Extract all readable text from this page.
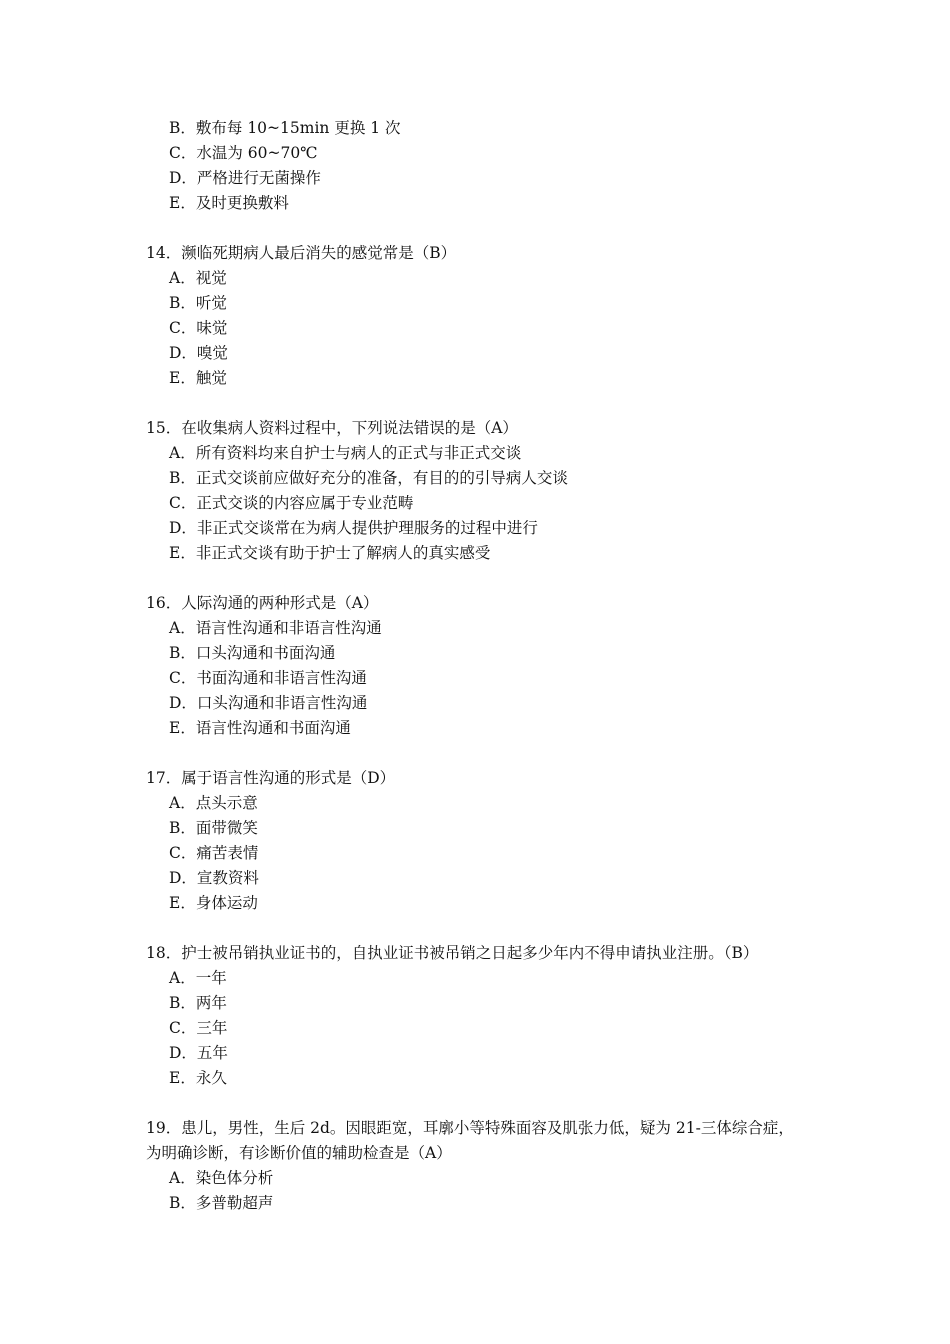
B．敷布每 10~15min 更换 1 次
C．水温为 60~70℃
D．严格进行无菌操作
E．及时更换敷料
14．濒临死期病人最后消失的感觉常是（B）
A．视觉
B．听觉
C．味觉
D．嗅觉
E．触觉
15．在收集病人资料过程中，下列说法错误的是（A）
A．所有资料均来自护士与病人的正式与非正式交谈
B．正式交谈前应做好充分的准备，有目的的引导病人交谈
C．正式交谈的内容应属于专业范畴
D．非正式交谈常在为病人提供护理服务的过程中进行
E．非正式交谈有助于护士了解病人的真实感受
16．人际沟通的两种形式是（A）
A．语言性沟通和非语言性沟通
B．口头沟通和书面沟通
C．书面沟通和非语言性沟通
D．口头沟通和非语言性沟通
E．语言性沟通和书面沟通
17．属于语言性沟通的形式是（D）
A．点头示意
B．面带微笑
C．痛苦表情
D．宣教资料
E．身体运动
18．护士被吊销执业证书的，自执业证书被吊销之日起多少年内不得申请执业注册。（B）
A．一年
B．两年
C．三年
D．五年
E．永久
19．患儿，男性，生后 2d。因眼距宽，耳廓小等特殊面容及肌张力低，疑为 21-三体综合症，
为明确诊断，有诊断价值的辅助检查是（A）
A．染色体分析
B．多普勒超声
